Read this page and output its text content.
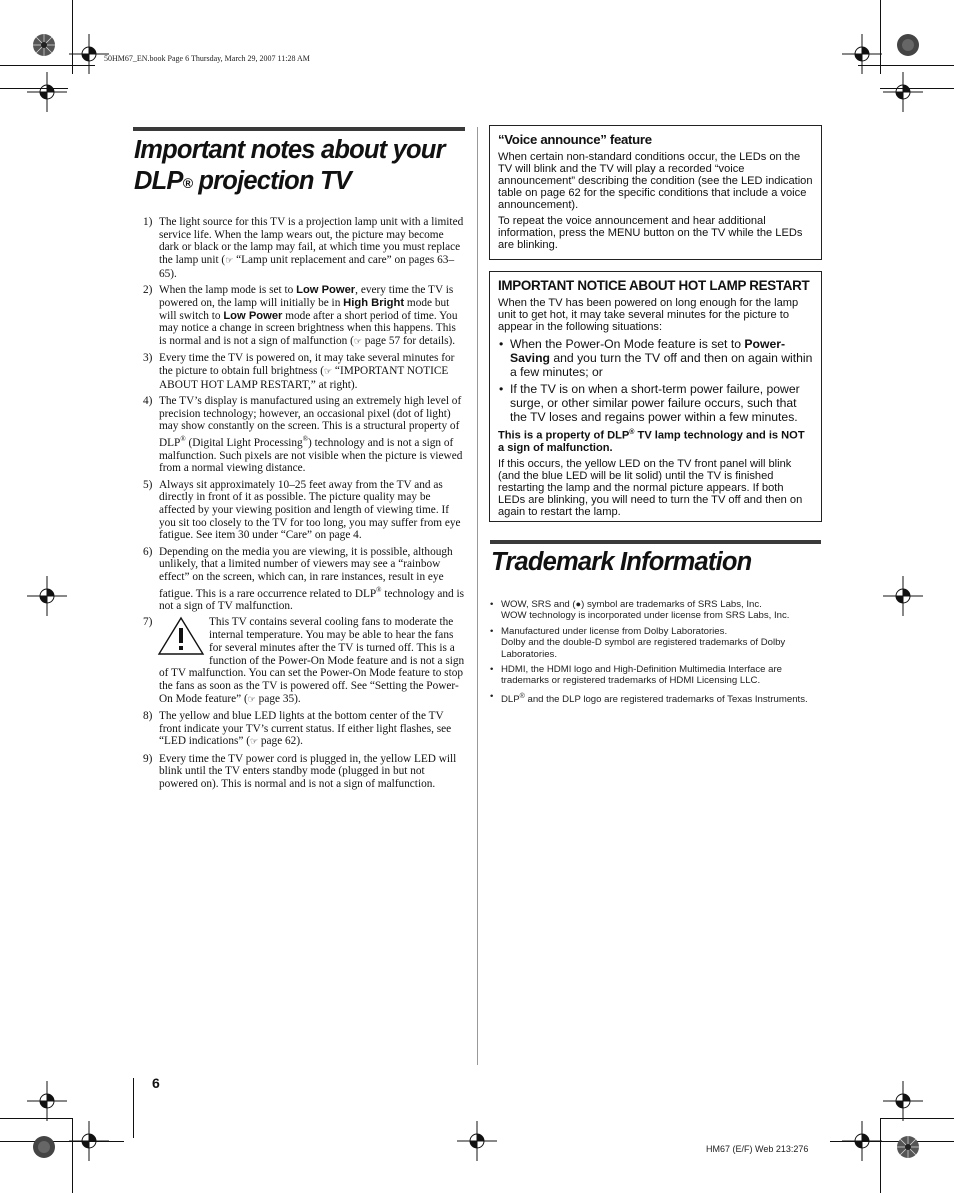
50HM67_EN.book Page 6 Thursday, March 29, 2007 11:28 AM
Important notes about your
DLP® projection TV
1) The light source for this TV is a projection lamp unit with a limited service life. When the lamp wears out, the picture may become dark or black or the lamp may fail, at which time you must replace the lamp unit (☞ “Lamp unit replacement and care” on pages 63–65).
2) When the lamp mode is set to Low Power, every time the TV is powered on, the lamp will initially be in High Bright mode but will switch to Low Power mode after a short period of time. You may notice a change in screen brightness when this happens. This is normal and is not a sign of malfunction (☞ page 57 for details).
3) Every time the TV is powered on, it may take several minutes for the picture to obtain full brightness (☞ “IMPORTANT NOTICE ABOUT HOT LAMP RESTART,” at right).
4) The TV’s display is manufactured using an extremely high level of precision technology; however, an occasional pixel (dot of light) may show constantly on the screen. This is a structural property of DLP® (Digital Light Processing®) technology and is not a sign of malfunction. Such pixels are not visible when the picture is viewed from a normal viewing distance.
5) Always sit approximately 10–25 feet away from the TV and as directly in front of it as possible. The picture quality may be affected by your viewing position and length of viewing time. If you sit too closely to the TV for too long, you may suffer from eye fatigue. See item 30 under “Care” on page 4.
6) Depending on the media you are viewing, it is possible, although unlikely, that a limited number of viewers may see a “rainbow effect” on the screen, which can, in rare instances, result in eye fatigue. This is a rare occurrence related to DLP® technology and is not a sign of TV malfunction.
7)	This TV contains several cooling fans to moderate the internal temperature. You may be able to hear the fans for several minutes after the TV is turned off. This is a function of the Power-On Mode feature and is not a sign of TV malfunction. You can set the Power-On Mode feature to stop the fans as soon as the TV is powered off. See “Setting the Power-On Mode feature” (☞ page 35).
8) The yellow and blue LED lights at the bottom center of the TV front indicate your TV’s current status. If either light flashes, see “LED indications” (☞ page 62).
9) Every time the TV power cord is plugged in, the yellow LED will blink until the TV enters standby mode (plugged in but not powered on). This is normal and is not a sign of malfunction.
“Voice announce” feature

When certain non-standard conditions occur, the LEDs on the TV will blink and the TV will play a recorded “voice announcement” describing the condition (see the LED indication table on page 62 for the specific conditions that include a voice announcement).

To repeat the voice announcement and hear additional information, press the MENU button on the TV while the LEDs are blinking.

IMPORTANT NOTICE ABOUT HOT LAMP RESTART

When the TV has been powered on long enough for the lamp unit to get hot, it may take several minutes for the picture to appear in the following situations:

• When the Power-On Mode feature is set to Power-Saving and you turn the TV off and then on again within a few minutes; or
• If the TV is on when a short-term power failure, power surge, or other similar power failure occurs, such that the TV loses and regains power within a few minutes.

This is a property of DLP® TV lamp technology and is NOT a sign of malfunction.

If this occurs, the yellow LED on the TV front panel will blink (and the blue LED will be lit solid) until the TV is finished restarting the lamp and the normal picture appears. If both LEDs are blinking, you will need to turn the TV off and then on again to restart the lamp.

Trademark Information
• WOW, SRS and (●) symbol are trademarks of SRS Labs, Inc.
WOW technology is incorporated under license from SRS Labs, Inc.
• Manufactured under license from Dolby Laboratories.
Dolby and the double-D symbol are registered trademarks of Dolby Laboratories.
• HDMI, the HDMI logo and High-Definition Multimedia Interface are trademarks or registered trademarks of HDMI Licensing LLC.
• DLP® and the DLP logo are registered trademarks of Texas Instruments.
6
HM67 (E/F) Web 213:276
